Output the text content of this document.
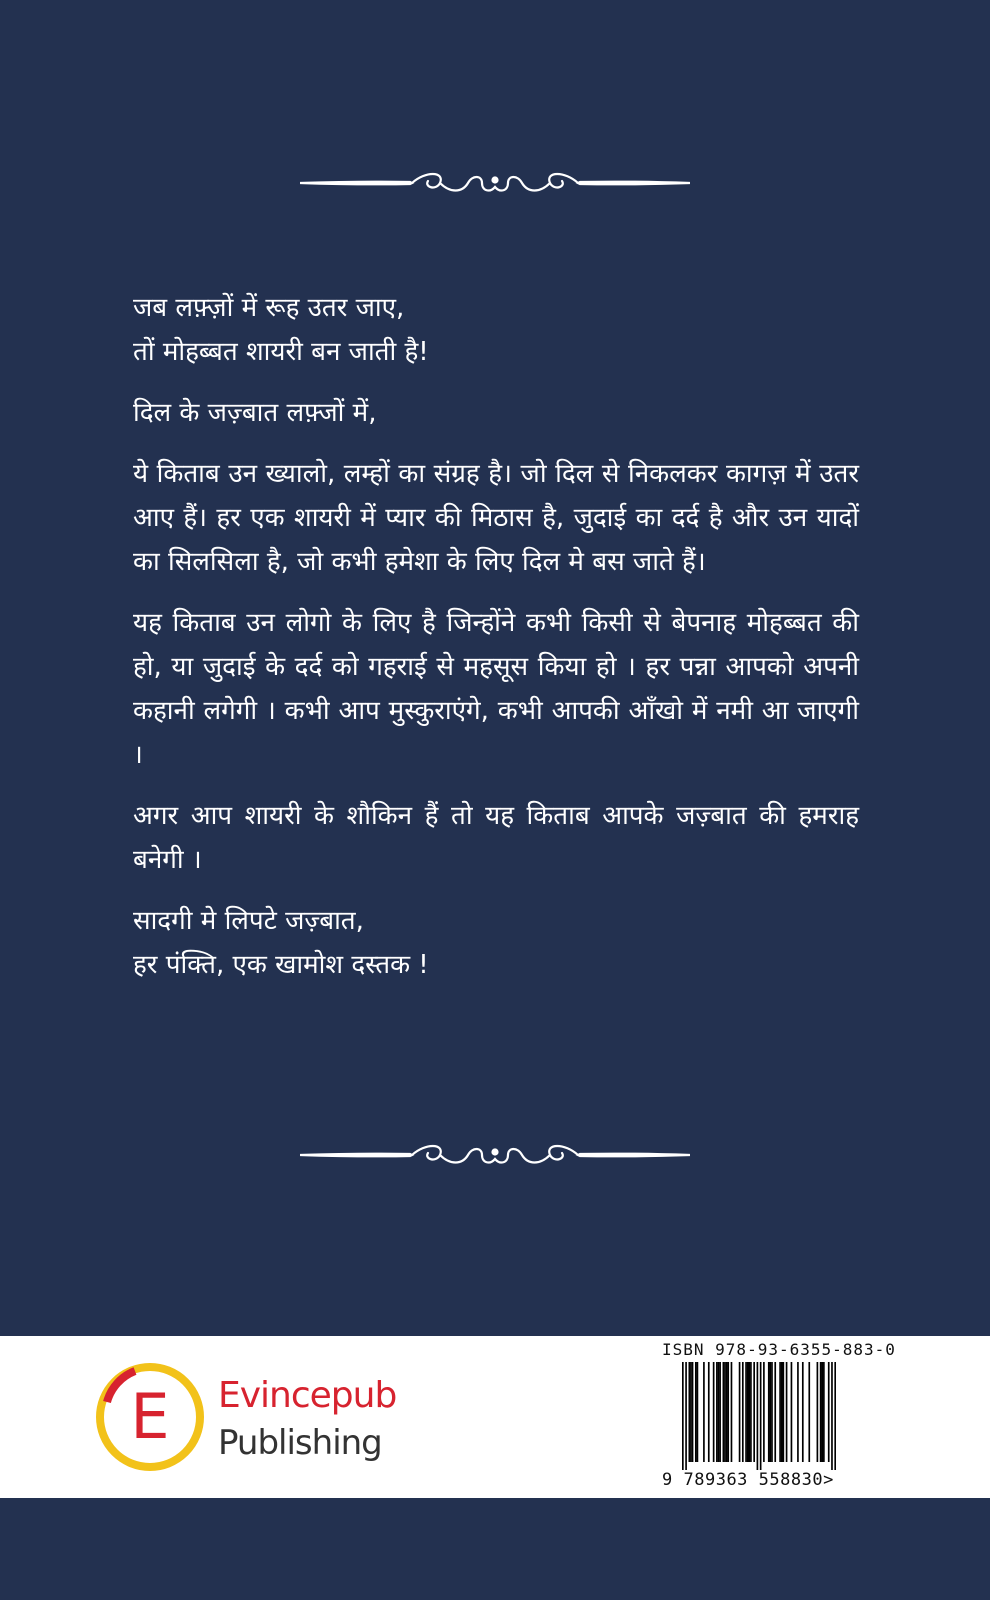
जब लफ़्ज़ों में रूह उतर जाए,
तों मोहब्बत शायरी बन जाती है!

दिल के जज़्बात लफ़्जों में,

ये किताब उन ख्यालो, लम्हों का संग्रह है। जो दिल से निकलकर कागज़ में उतर आए हैं। हर एक शायरी में प्यार की मिठास है, जुदाई का दर्द है और उन यादों का सिलसिला है, जो कभी हमेशा के लिए दिल मे बस जाते हैं।

यह किताब उन लोगो के लिए है जिन्होंने कभी किसी से बेपनाह मोहब्बत की हो, या जुदाई के दर्द को गहराई से महसूस किया हो । हर पन्ना आपको अपनी कहानी लगेगी । कभी आप मुस्कुराएंगे, कभी आपकी आँखो में नमी आ जाएगी ।

अगर आप शायरी के शौकिन हैं तो यह किताब आपके जज़्बात की हमराह बनेगी ।

सादगी मे लिपटे जज़्बात,
हर पंक्ति, एक खामोश दस्तक !

E Evincepub
Publishing
ISBN 978-93-6355-883-0
9 789363 558830>
